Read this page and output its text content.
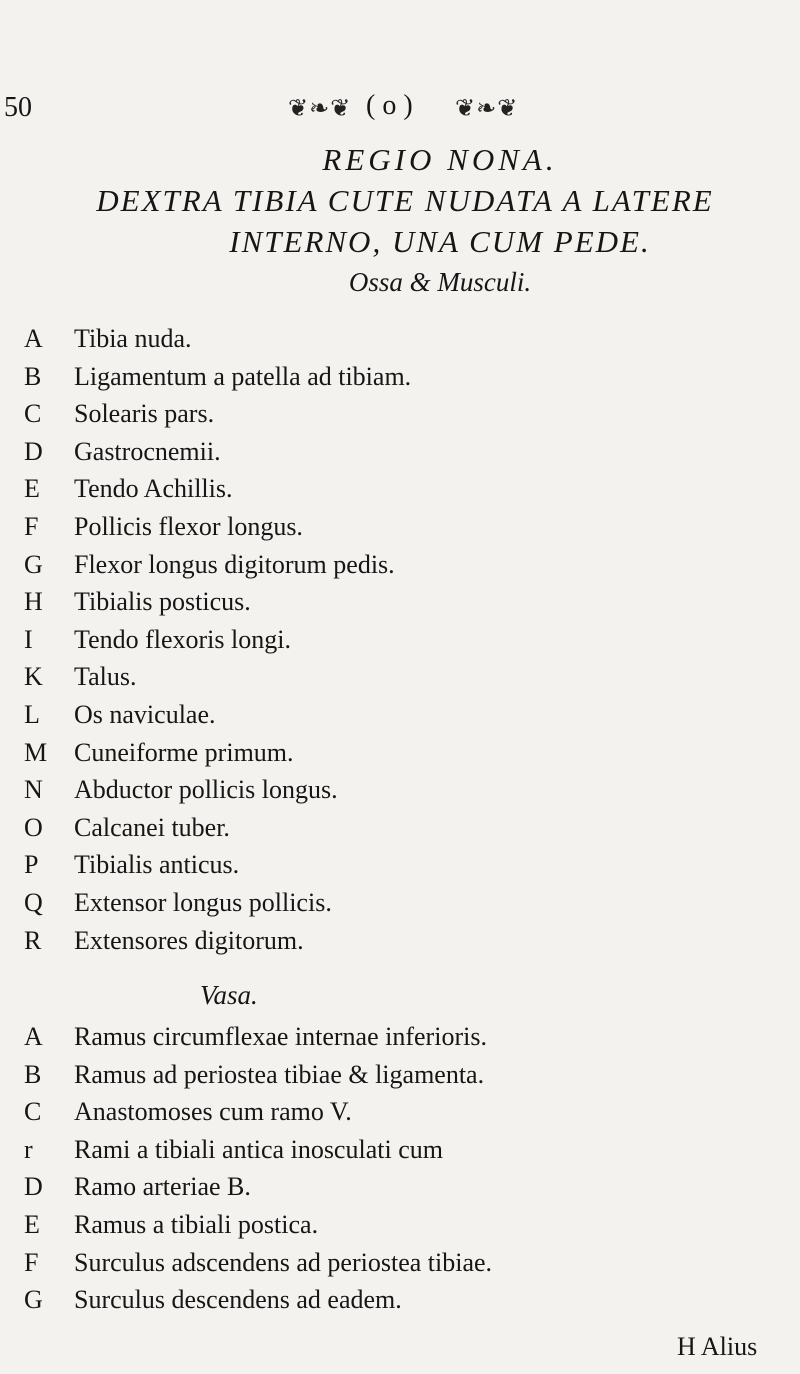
50	❦❧❦ ( o ) ❦❧❦

REGIO NONA.

DEXTRA TIBIA CUTE NUDATA A LATERE

INTERNO, UNA CUM PEDE.

Ossa & Musculi.

A Tibia nuda.
B Ligamentum a patella ad tibiam.
C Solearis pars.
D Gastrocnemii.
E Tendo Achillis.
F Pollicis flexor longus.
G Flexor longus digitorum pedis.
H Tibialis posticus.
I Tendo flexoris longi.
K Talus.
L Os naviculae.
M Cuneiforme primum.
N Abductor pollicis longus.
O Calcanei tuber.
P Tibialis anticus.
Q Extensor longus pollicis.
R Extensores digitorum.
Vasa.
A Ramus circumflexae internae inferioris.
B Ramus ad periostea tibiae & ligamenta.
C Anastomoses cum ramo V.
r Rami a tibiali antica inosculati cum
D Ramo arteriae B.
E Ramus a tibiali postica.
F Surculus adscendens ad periostea tibiae.
G Surculus descendens ad eadem.
H Alius
